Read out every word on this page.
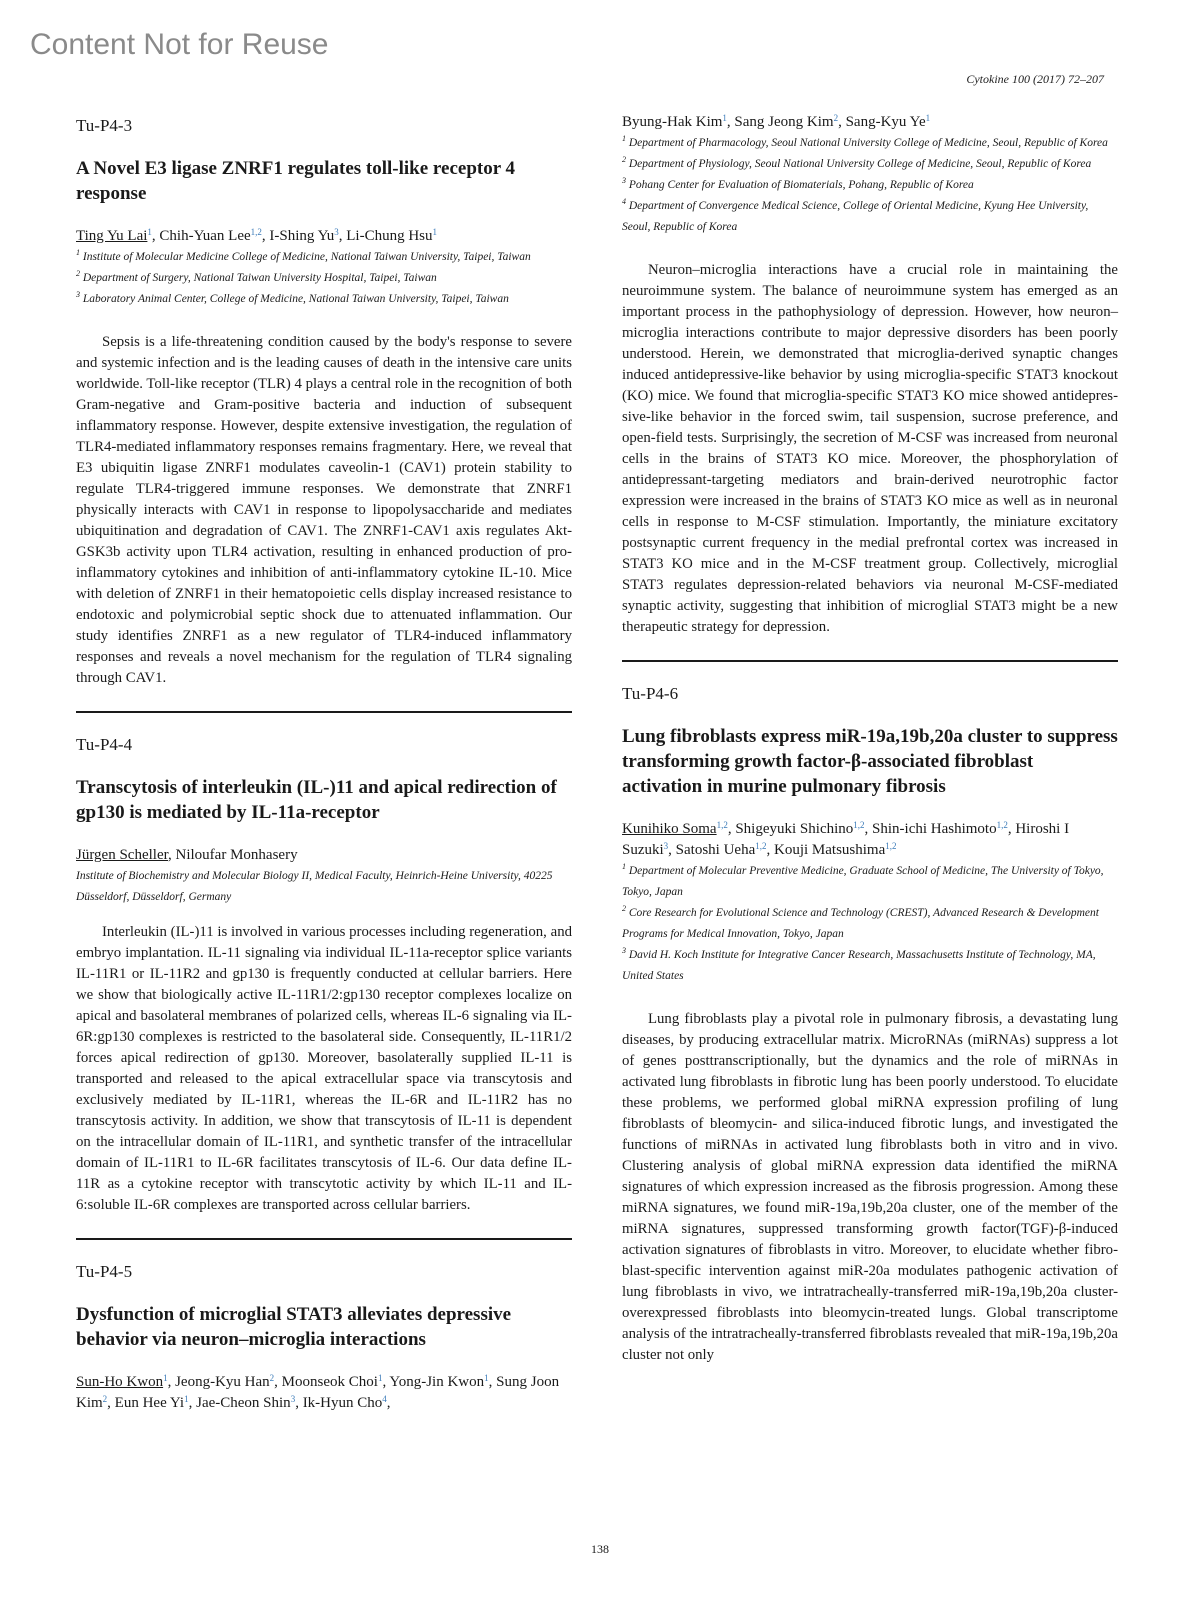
Content Not for Reuse
Cytokine 100 (2017) 72–207
Tu-P4-3
A Novel E3 ligase ZNRF1 regulates toll-like receptor 4 response

Ting Yu Lai$^1$, Chih-Yuan Lee$^{1,2}$, I-Shing Yu$^3$, Li-Chung Hsu$^1$

$^1$ Institute of Molecular Medicine College of Medicine, National Taiwan University, Taipei, Taiwan

$^2$ Department of Surgery, National Taiwan University Hospital, Taipei, Taiwan

$^3$ Laboratory Animal Center, College of Medicine, National Taiwan University, Taipei, Taiwan

Sepsis is a life-threatening condition caused by the body's response to severe and systemic infection and is the leading causes of death in the intensive care units worldwide. Toll-like receptor (TLR) 4 plays a central role in the recognition of both Gram-negative and Gram-positive bacteria and induction of subsequent inflammatory response. However, despite extensive investigation, the regulation of TLR4-mediated inflammatory responses remains fragmentary. Here, we reveal that E3 ubiquitin ligase ZNRF1 modulates caveolin-1 (CAV1) protein stability to regulate TLR4-triggered immune responses. We demonstrate that ZNRF1 physically interacts with CAV1 in response to lipopolysaccharide and mediates ubiquitination and degradation of CAV1. The ZNRF1-CAV1 axis regulates Akt-GSK3b activity upon TLR4 activation, resulting in enhanced production of pro-inflammatory cytokines and inhibition of anti-inflammatory cytokine IL-10. Mice with deletion of ZNRF1 in their hematopoietic cells display increased resistance to endotoxic and polymicrobial septic shock due to attenuated inflammation. Our study identifies ZNRF1 as a new regulator of TLR4-induced inflammatory responses and reveals a novel mechanism for the regulation of TLR4 signaling through CAV1.

Tu-P4-4
Transcytosis of interleukin (IL-)11 and apical redirection of gp130 is mediated by IL-11a-receptor

Jürgen Scheller, Niloufar Monhasery

Institute of Biochemistry and Molecular Biology II, Medical Faculty, Heinrich-Heine University, 40225 Düsseldorf, Düsseldorf, Germany

Interleukin (IL-)11 is involved in various processes including regeneration, and embryo implantation. IL-11 signaling via individual IL-11a-receptor splice variants IL-11R1 or IL-11R2 and gp130 is frequently conducted at cellular barriers. Here we show that biologically active IL-11R1/2:gp130 receptor complexes localize on apical and basolateral membranes of polarized cells, whereas IL-6 signaling via IL-6R:gp130 complexes is restricted to the basolateral side. Consequently, IL-11R1/2 forces apical redirection of gp130. Moreover, basolaterally supplied IL-11 is transported and released to the apical extracellular space via transcytosis and exclusively mediated by IL-11R1, whereas the IL-6R and IL-11R2 has no transcytosis activity. In addition, we show that transcytosis of IL-11 is dependent on the intracellular domain of IL-11R1, and synthetic transfer of the intracellular domain of IL-11R1 to IL-6R facilitates transcytosis of IL-6. Our data define IL-11R as a cytokine receptor with transcytotic activity by which IL-11 and IL-6:soluble IL-6R complexes are transported across cellular barriers.

Tu-P4-5
Dysfunction of microglial STAT3 alleviates depressive behavior via neuron–microglia interactions

Sun-Ho Kwon$^1$, Jeong-Kyu Han$^2$, Moonseok Choi$^1$, Yong-Jin Kwon$^1$, Sung Joon Kim$^2$, Eun Hee Yi$^1$, Jae-Cheon Shin$^3$, Ik-Hyun Cho$^4$,

Byung-Hak Kim$^1$, Sang Jeong Kim$^2$, Sang-Kyu Ye$^1$

$^1$ Department of Pharmacology, Seoul National University College of Medicine, Seoul, Republic of Korea

$^2$ Department of Physiology, Seoul National University College of Medicine, Seoul, Republic of Korea

$^3$ Pohang Center for Evaluation of Biomaterials, Pohang, Republic of Korea

$^4$ Department of Convergence Medical Science, College of Oriental Medicine, Kyung Hee University, Seoul, Republic of Korea

Neuron–microglia interactions have a crucial role in maintaining the neuroimmune system. The balance of neuroimmune system has emerged as an important process in the pathophysiology of depression. However, how neuron–microglia interactions contribute to major depressive disorders has been poorly understood. Herein, we demonstrated that microglia-derived synaptic changes induced antidepressive-like behavior by using microglia-specific STAT3 knockout (KO) mice. We found that microglia-specific STAT3 KO mice showed antidepressive-like behavior in the forced swim, tail suspension, sucrose preference, and open-field tests. Surprisingly, the secretion of M-CSF was increased from neuronal cells in the brains of STAT3 KO mice. Moreover, the phosphorylation of antidepressant-targeting mediators and brain-derived neurotrophic factor expression were increased in the brains of STAT3 KO mice as well as in neuronal cells in response to M-CSF stimulation. Importantly, the miniature excitatory postsynaptic current frequency in the medial prefrontal cortex was increased in STAT3 KO mice and in the M-CSF treatment group. Collectively, microglial STAT3 regulates depression-related behaviors via neuronal M-CSF-mediated synaptic activity, suggesting that inhibition of microglial STAT3 might be a new therapeutic strategy for depression.

Tu-P4-6
Lung fibroblasts express miR-19a,19b,20a cluster to suppress transforming growth factor-β-associated fibroblast activation in murine pulmonary fibrosis

Kunihiko Soma$^{1,2}$, Shigeyuki Shichino$^{1,2}$, Shin-ichi Hashimoto$^{1,2}$, Hiroshi I Suzuki$^3$, Satoshi Ueha$^{1,2}$, Kouji Matsushima$^{1,2}$

$^1$ Department of Molecular Preventive Medicine, Graduate School of Medicine, The University of Tokyo, Tokyo, Japan

$^2$ Core Research for Evolutional Science and Technology (CREST), Advanced Research & Development Programs for Medical Innovation, Tokyo, Japan

$^3$ David H. Koch Institute for Integrative Cancer Research, Massachusetts Institute of Technology, MA, United States

Lung fibroblasts play a pivotal role in pulmonary fibrosis, a devastating lung diseases, by producing extracellular matrix. MicroRNAs (miRNAs) suppress a lot of genes posttranscriptionally, but the dynamics and the role of miRNAs in activated lung fibroblasts in fibrotic lung has been poorly understood. To elucidate these problems, we performed global miRNA expression profiling of lung fibroblasts of bleomycin- and silica-induced fibrotic lungs, and investigated the functions of miRNAs in activated lung fibroblasts both in vitro and in vivo. Clustering analysis of global miRNA expression data identified the miRNA signatures of which expression increased as the fibrosis progression. Among these miRNA signatures, we found miR-19a,19b,20a cluster, one of the member of the miRNA signatures, suppressed transforming growth factor(TGF)-β-induced activation signatures of fibroblasts in vitro. Moreover, to elucidate whether fibroblast-specific intervention against miR-20a modulates pathogenic activation of lung fibroblasts in vivo, we intratracheally-transferred miR-19a,19b,20a cluster-overexpressed fibroblasts into bleomycin-treated lungs. Global transcriptome analysis of the intratracheally-transferred fibroblasts revealed that miR-19a,19b,20a cluster not only

138
